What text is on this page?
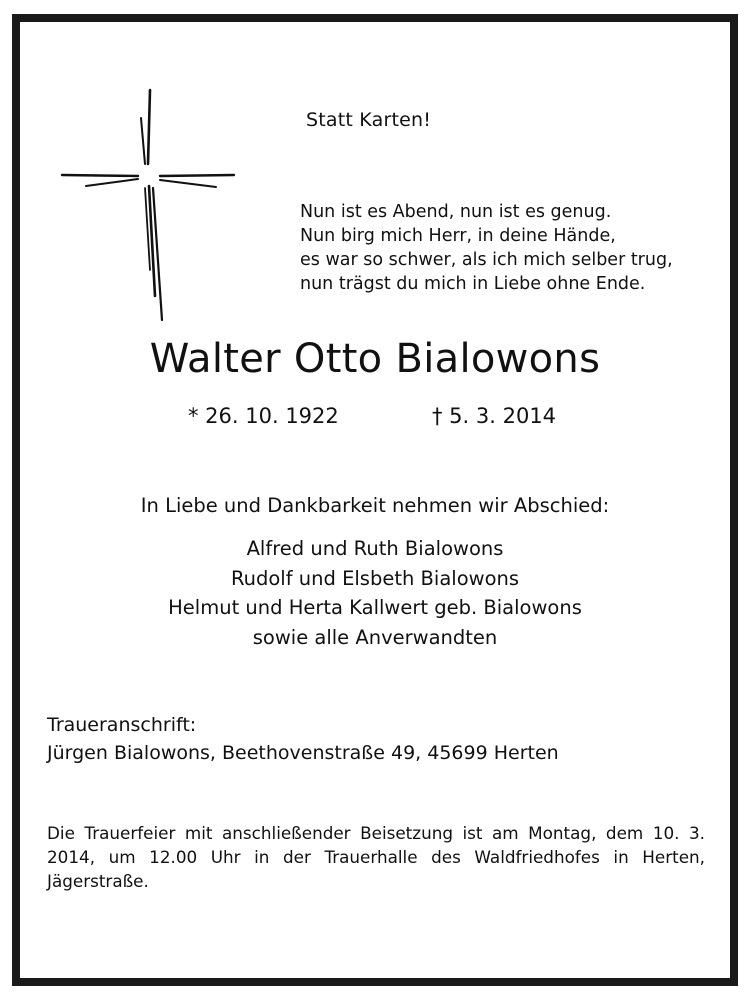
Statt Karten!
Nun ist es Abend, nun ist es genug.
Nun birg mich Herr, in deine Hände,
es war so schwer, als ich mich selber trug,
nun trägst du mich in Liebe ohne Ende.
Walter Otto Bialowons
* 26. 10. 1922	† 5. 3. 2014
In Liebe und Dankbarkeit nehmen wir Abschied:
Alfred und Ruth Bialowons
Rudolf und Elsbeth Bialowons
Helmut und Herta Kallwert geb. Bialowons
sowie alle Anverwandten
Traueranschrift:
Jürgen Bialowons, Beethovenstraße 49, 45699 Herten
Die Trauerfeier mit anschließender Beisetzung ist am Montag, dem 10. 3. 2014, um 12.00 Uhr in der Trauerhalle des Waldfriedhofes in Herten, Jägerstraße.
